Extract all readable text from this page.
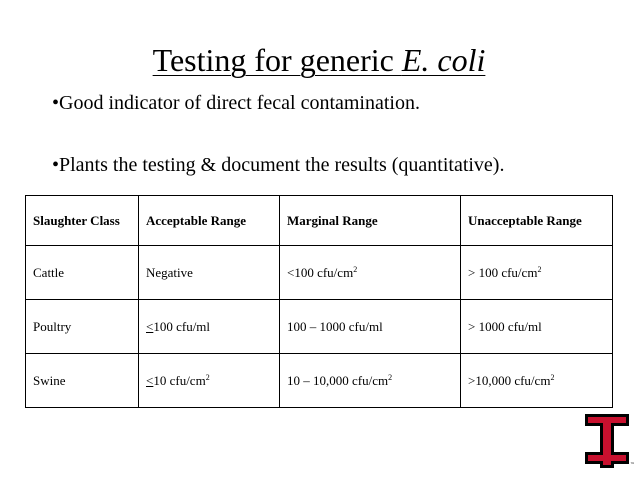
Testing for generic E. coli
•Good indicator of direct fecal contamination.
•Plants the testing & document the results (quantitative).
Slaughter Class	Acceptable Range	Marginal Range	Unacceptable Range
Cattle	Negative	<100 cfu/$cm^2$	> 100 cfu/$cm^2$
Poultry	<100 cfu/ml	100 – 1000 cfu/ml	> 1000 cfu/ml
Swine	<10 cfu/$cm^2$	10 – 10,000 cfu/$cm^2$	>10,000 cfu/$cm^2$
™
